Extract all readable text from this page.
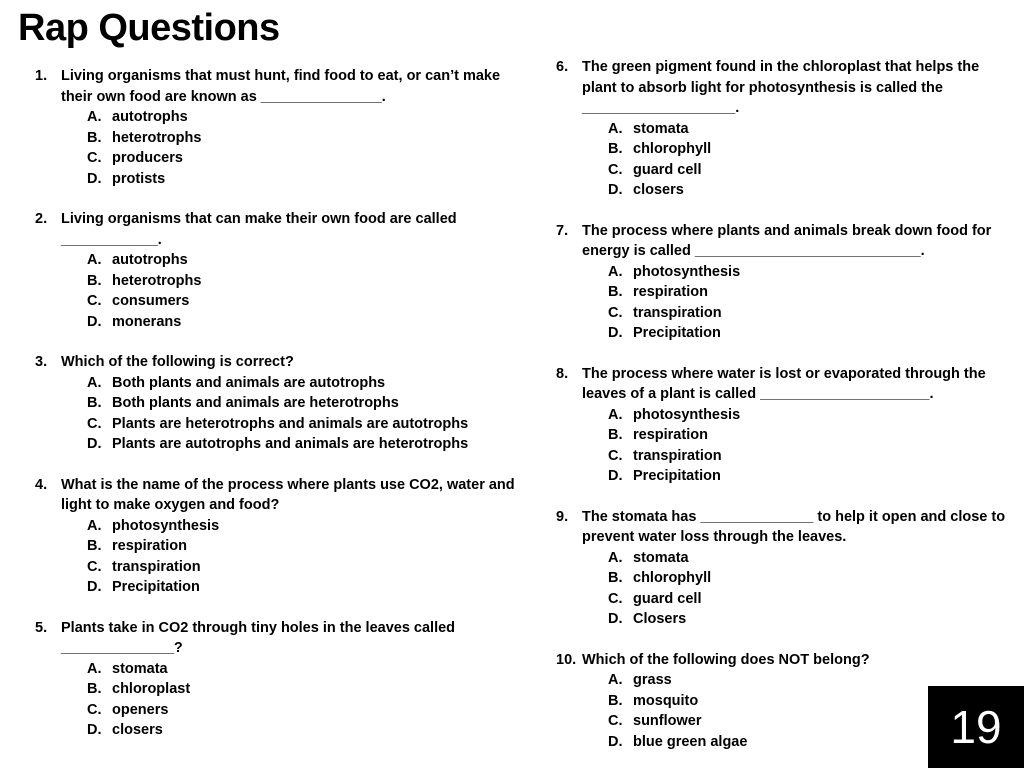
Rap Questions
1. Living organisms that must hunt, find food to eat, or can’t make their own food are known as _______________.
A. autotrophs
B. heterotrophs
C. producers
D. protists
2. Living organisms that can make their own food are called ____________.
A. autotrophs
B. heterotrophs
C. consumers
D. monerans
3. Which of the following is correct?
A. Both plants and animals are autotrophs
B. Both plants and animals are heterotrophs
C. Plants are heterotrophs and animals are autotrophs
D. Plants are autotrophs and animals are heterotrophs
4. What is the name of the process where plants use CO2, water and light to make oxygen and food?
A. photosynthesis
B. respiration
C. transpiration
D. Precipitation
5. Plants take in CO2 through tiny holes in the leaves called ______________?
A. stomata
B. chloroplast
C. openers
D. closers
6. The green pigment found in the chloroplast that helps the plant to absorb light for photosynthesis is called the ___________________.
A. stomata
B. chlorophyll
C. guard cell
D. closers
7. The process where plants and animals break down food for energy is called ____________________________.
A. photosynthesis
B. respiration
C. transpiration
D. Precipitation
8. The process where water is lost or evaporated through the leaves of a plant is called _____________________.
A. photosynthesis
B. respiration
C. transpiration
D. Precipitation
9. The stomata has ______________ to help it open and close to prevent water loss through the leaves.
A. stomata
B. chlorophyll
C. guard cell
D. Closers
10. Which of the following does NOT belong?
A. grass
B. mosquito
C. sunflower
D. blue green algae	19
